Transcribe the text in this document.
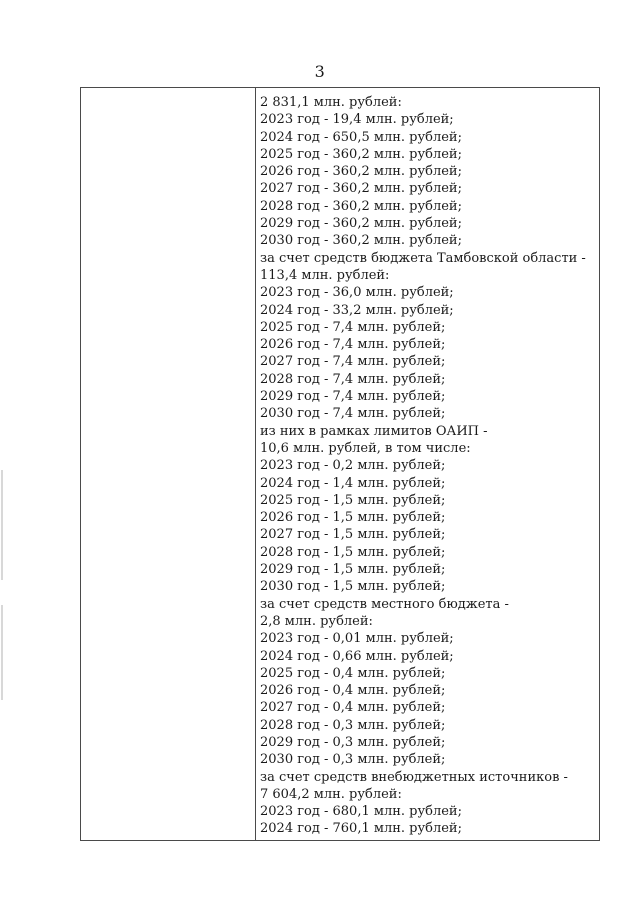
3
2 831,1 млн. рублей:
2023 год - 19,4 млн. рублей;
2024 год - 650,5 млн. рублей;
2025 год - 360,2 млн. рублей;
2026 год - 360,2 млн. рублей;
2027 год - 360,2 млн. рублей;
2028 год - 360,2 млн. рублей;
2029 год - 360,2 млн. рублей;
2030 год - 360,2 млн. рублей;
за счет средств бюджета Тамбовской области -
113,4 млн. рублей:
2023 год - 36,0 млн. рублей;
2024 год - 33,2 млн. рублей;
2025 год - 7,4 млн. рублей;
2026 год - 7,4 млн. рублей;
2027 год - 7,4 млн. рублей;
2028 год - 7,4 млн. рублей;
2029 год - 7,4 млн. рублей;
2030 год - 7,4 млн. рублей;
из них в рамках лимитов ОАИП -
10,6 млн. рублей, в том числе:
2023 год - 0,2 млн. рублей;
2024 год - 1,4 млн. рублей;
2025 год - 1,5 млн. рублей;
2026 год - 1,5 млн. рублей;
2027 год - 1,5 млн. рублей;
2028 год - 1,5 млн. рублей;
2029 год - 1,5 млн. рублей;
2030 год - 1,5 млн. рублей;
за счет средств местного бюджета -
2,8 млн. рублей:
2023 год - 0,01 млн. рублей;
2024 год - 0,66 млн. рублей;
2025 год - 0,4 млн. рублей;
2026 год - 0,4 млн. рублей;
2027 год - 0,4 млн. рублей;
2028 год - 0,3 млн. рублей;
2029 год - 0,3 млн. рублей;
2030 год - 0,3 млн. рублей;
за счет средств внебюджетных источников -
7 604,2 млн. рублей:
2023 год - 680,1 млн. рублей;
2024 год - 760,1 млн. рублей;
